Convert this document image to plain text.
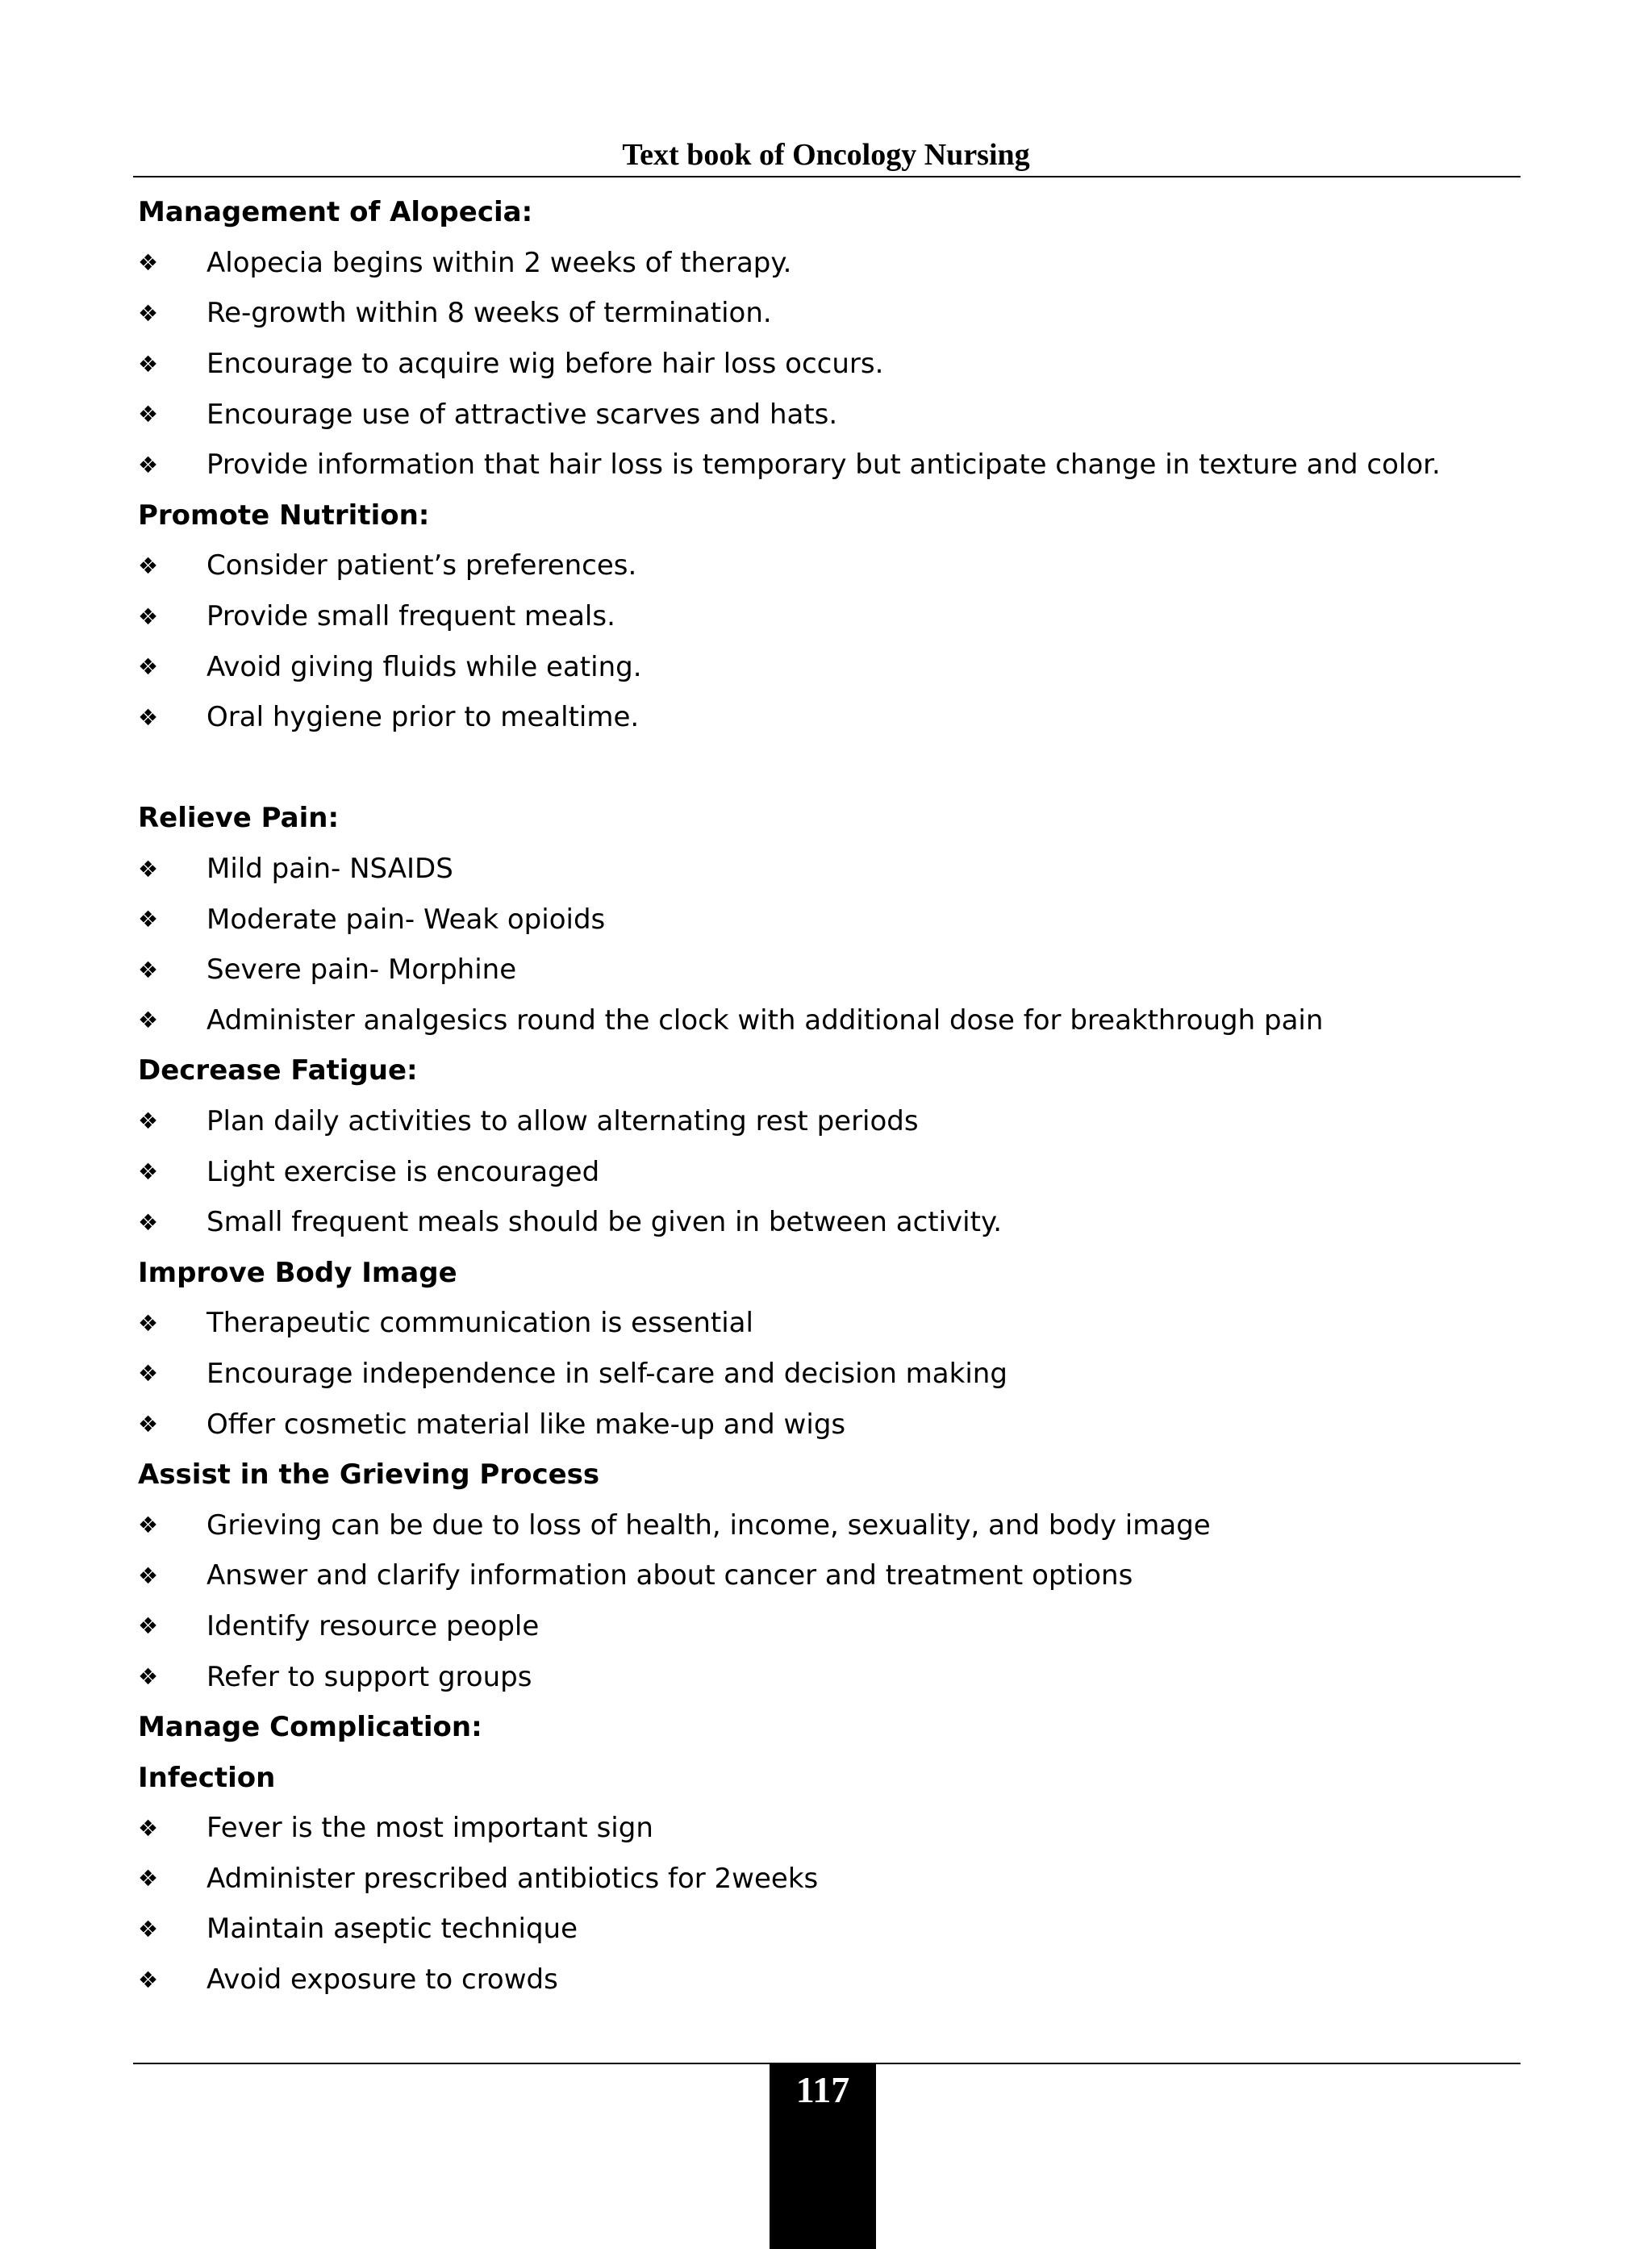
Text book of Oncology Nursing
Management of Alopecia:
❖	Alopecia begins within 2 weeks of therapy.
❖	Re-growth within 8 weeks of termination.
❖	Encourage to acquire wig before hair loss occurs.
❖	Encourage use of attractive scarves and hats.
❖	Provide information that hair loss is temporary but anticipate change in texture and color.
Promote Nutrition:
❖	Consider patient’s preferences.
❖	Provide small frequent meals.
❖	Avoid giving fluids while eating.
❖	Oral hygiene prior to mealtime.
Relieve Pain:
❖	Mild pain- NSAIDS
❖	Moderate pain- Weak opioids
❖	Severe pain- Morphine
❖	Administer analgesics round the clock with additional dose for breakthrough pain
Decrease Fatigue:
❖	Plan daily activities to allow alternating rest periods
❖	Light exercise is encouraged
❖	Small frequent meals should be given in between activity.
Improve Body Image
❖	Therapeutic communication is essential
❖	Encourage independence in self-care and decision making
❖	Offer cosmetic material like make-up and wigs
Assist in the Grieving Process
❖	Grieving can be due to loss of health, income, sexuality, and body image
❖	Answer and clarify information about cancer and treatment options
❖	Identify resource people
❖	Refer to support groups
Manage Complication:
Infection
❖	Fever is the most important sign
❖	Administer prescribed antibiotics for 2weeks
❖	Maintain aseptic technique
❖	Avoid exposure to crowds
117
